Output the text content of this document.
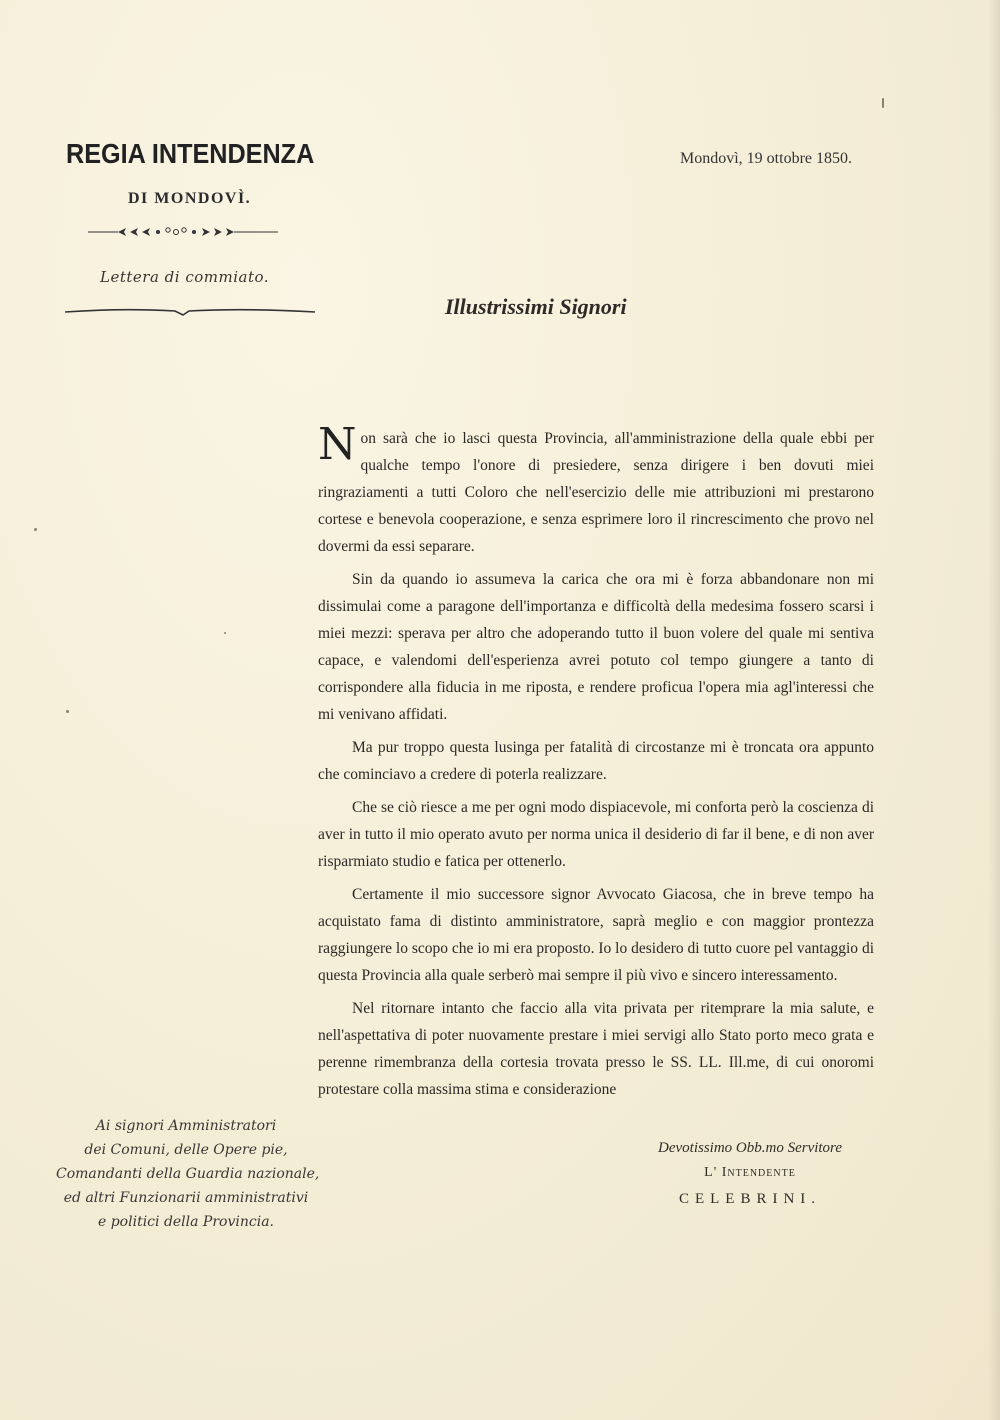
REGIA INTENDENZA
DI MONDOVÌ.
Lettera di commiato.
Mondovì, 19 ottobre 1850.
Illustrissimi Signori

Non sarà che io lasci questa Provincia, all'amministrazione della quale ebbi per qualche tempo l'onore di presiedere, senza dirigere i ben dovuti miei ringraziamenti a tutti Coloro che nell'esercizio delle mie attribuzioni mi prestarono cortese e benevola cooperazione, e senza esprimere loro il rincrescimento che provo nel dovermi da essi separare.

Sin da quando io assumeva la carica che ora mi è forza abbandonare non mi dissimulai come a paragone dell'importanza e difficoltà della medesima fossero scarsi i miei mezzi: sperava per altro che adoperando tutto il buon volere del quale mi sentiva capace, e valendomi dell'esperienza avrei potuto col tempo giungere a tanto di corrispondere alla fiducia in me riposta, e rendere proficua l'opera mia agl'interessi che mi venivano affidati.

Ma pur troppo questa lusinga per fatalità di circostanze mi è troncata ora appunto che cominciavo a credere di poterla realizzare.

Che se ciò riesce a me per ogni modo dispiacevole, mi conforta però la coscienza di aver in tutto il mio operato avuto per norma unica il desiderio di far il bene, e di non aver risparmiato studio e fatica per ottenerlo.

Certamente il mio successore signor Avvocato Giacosa, che in breve tempo ha acquistato fama di distinto amministratore, saprà meglio e con maggior prontezza raggiungere lo scopo che io mi era proposto. Io lo desidero di tutto cuore pel vantaggio di questa Provincia alla quale serberò mai sempre il più vivo e sincero interessamento.

Nel ritornare intanto che faccio alla vita privata per ritemprare la mia salute, e nell'aspettativa di poter nuovamente prestare i miei servigi allo Stato porto meco grata e perenne rimembranza della cortesia trovata presso le SS. LL. Ill.me, di cui onoromi protestare colla massima stima e considerazione

Ai signori Amministratori
dei Comuni, delle Opere pie,
Comandanti della Guardia nazionale,
ed altri Funzionarii amministrativi
e politici della Provincia.
Devotissimo Obb.mo Servitore
L' Intendente
CELEBRINI.
